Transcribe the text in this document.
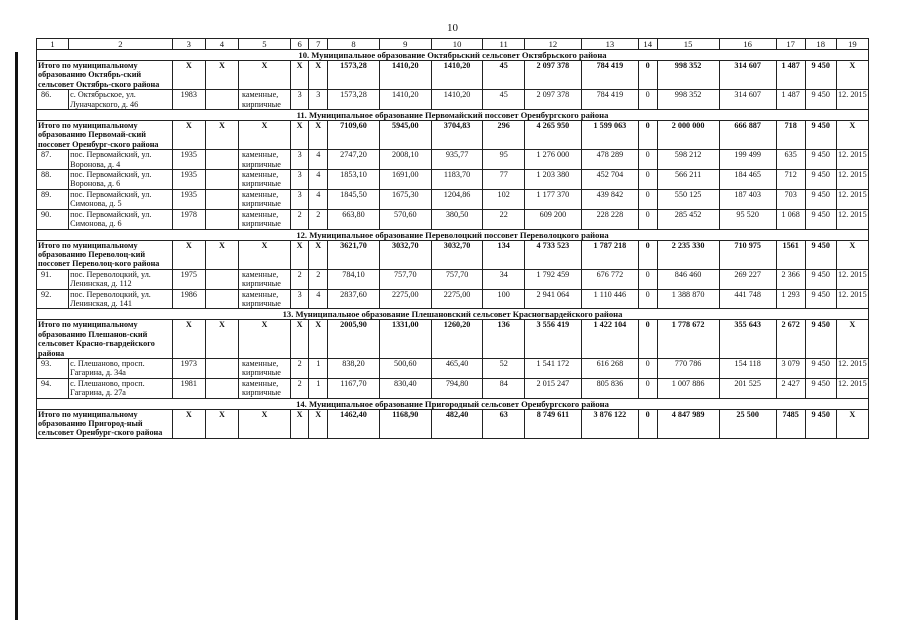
10
1	2	3	4	5	6	7	8	9	10	11	12	13	14	15	16	17	18	19
10. Муниципальное образование Октябрьский сельсовет Октябрьского района																		
Итого по муниципальному образованию Октябрь-ский сельсовет Октябрь-ского района		X	X	X	X	X	1573,28	1410,20	1410,20	45	2 097 378	784 419	0	998 352	314 607	1 487	9 450	X
86.	с. Октябрьское, ул. Луначарского, д. 46	1983		каменные, кирпичные	3	3	1573,28	1410,20	1410,20	45	2 097 378	784 419	0	998 352	314 607	1 487	9 450	12. 2015
11. Муниципальное образование Первомайский поссовет Оренбургского района																		
Итого по муниципальному образованию Первомай-ский поссовет Оренбург-ского района		X	X	X	X	X	7109,60	5945,00	3704,83	296	4 265 950	1 599 063	0	2 000 000	666 887	718	9 450	X
87.	пос. Первомайский, ул. Воронова, д. 4	1935		каменные, кирпичные	3	4	2747,20	2008,10	935,77	95	1 276 000	478 289	0	598 212	199 499	635	9 450	12. 2015
88.	пос. Первомайский, ул. Воронова, д. 6	1935		каменные, кирпичные	3	4	1853,10	1691,00	1183,70	77	1 203 380	452 704	0	566 211	184 465	712	9 450	12. 2015
89.	пос. Первомайский, ул. Симонова, д. 5	1935		каменные, кирпичные	3	4	1845,50	1675,30	1204,86	102	1 177 370	439 842	0	550 125	187 403	703	9 450	12. 2015
90.	пос. Первомайский, ул. Симонова, д. 6	1978		каменные, кирпичные	2	2	663,80	570,60	380,50	22	609 200	228 228	0	285 452	95 520	1 068	9 450	12. 2015
12. Муниципальное образование Переволоцкий поссовет Переволоцкого района																		
Итого по муниципальному образованию Переволоц-кий поссовет Переволоц-кого района		X	X	X	X	X	3621,70	3032,70	3032,70	134	4 733 523	1 787 218	0	2 235 330	710 975	1561	9 450	X
91.	пос. Переволоцкий, ул. Ленинская, д. 112	1975		каменные, кирпичные	2	2	784,10	757,70	757,70	34	1 792 459	676 772	0	846 460	269 227	2 366	9 450	12. 2015
92.	пос. Переволоцкий, ул. Ленинская, д. 141	1986		каменные, кирпичные	3	4	2837,60	2275,00	2275,00	100	2 941 064	1 110 446	0	1 388 870	441 748	1 293	9 450	12. 2015
13. Муниципальное образование Плешановский сельсовет Красногвардейского района																		
Итого по муниципальному образованию Плешанов-ский сельсовет Красно-гвардейского района		X	X	X	X	X	2005,90	1331,00	1260,20	136	3 556 419	1 422 104	0	1 778 672	355 643	2 672	9 450	X
93.	с. Плешаново, просп. Гагарина, д. 34а	1973		каменные, кирпичные	2	1	838,20	500,60	465,40	52	1 541 172	616 268	0	770 786	154 118	3 079	9 450	12. 2015
94.	с. Плешаново, просп. Гагарина, д. 27а	1981		каменные, кирпичные	2	1	1167,70	830,40	794,80	84	2 015 247	805 836	0	1 007 886	201 525	2 427	9 450	12. 2015
14. Муниципальное образование Пригородный сельсовет Оренбургского района																		
Итого по муниципальному образованию Пригород-ный сельсовет Оренбург-ского района		X	X	X	X	X	1462,40	1168,90	482,40	63	8 749 611	3 876 122	0	4 847 989	25 500	7485	9 450	X
